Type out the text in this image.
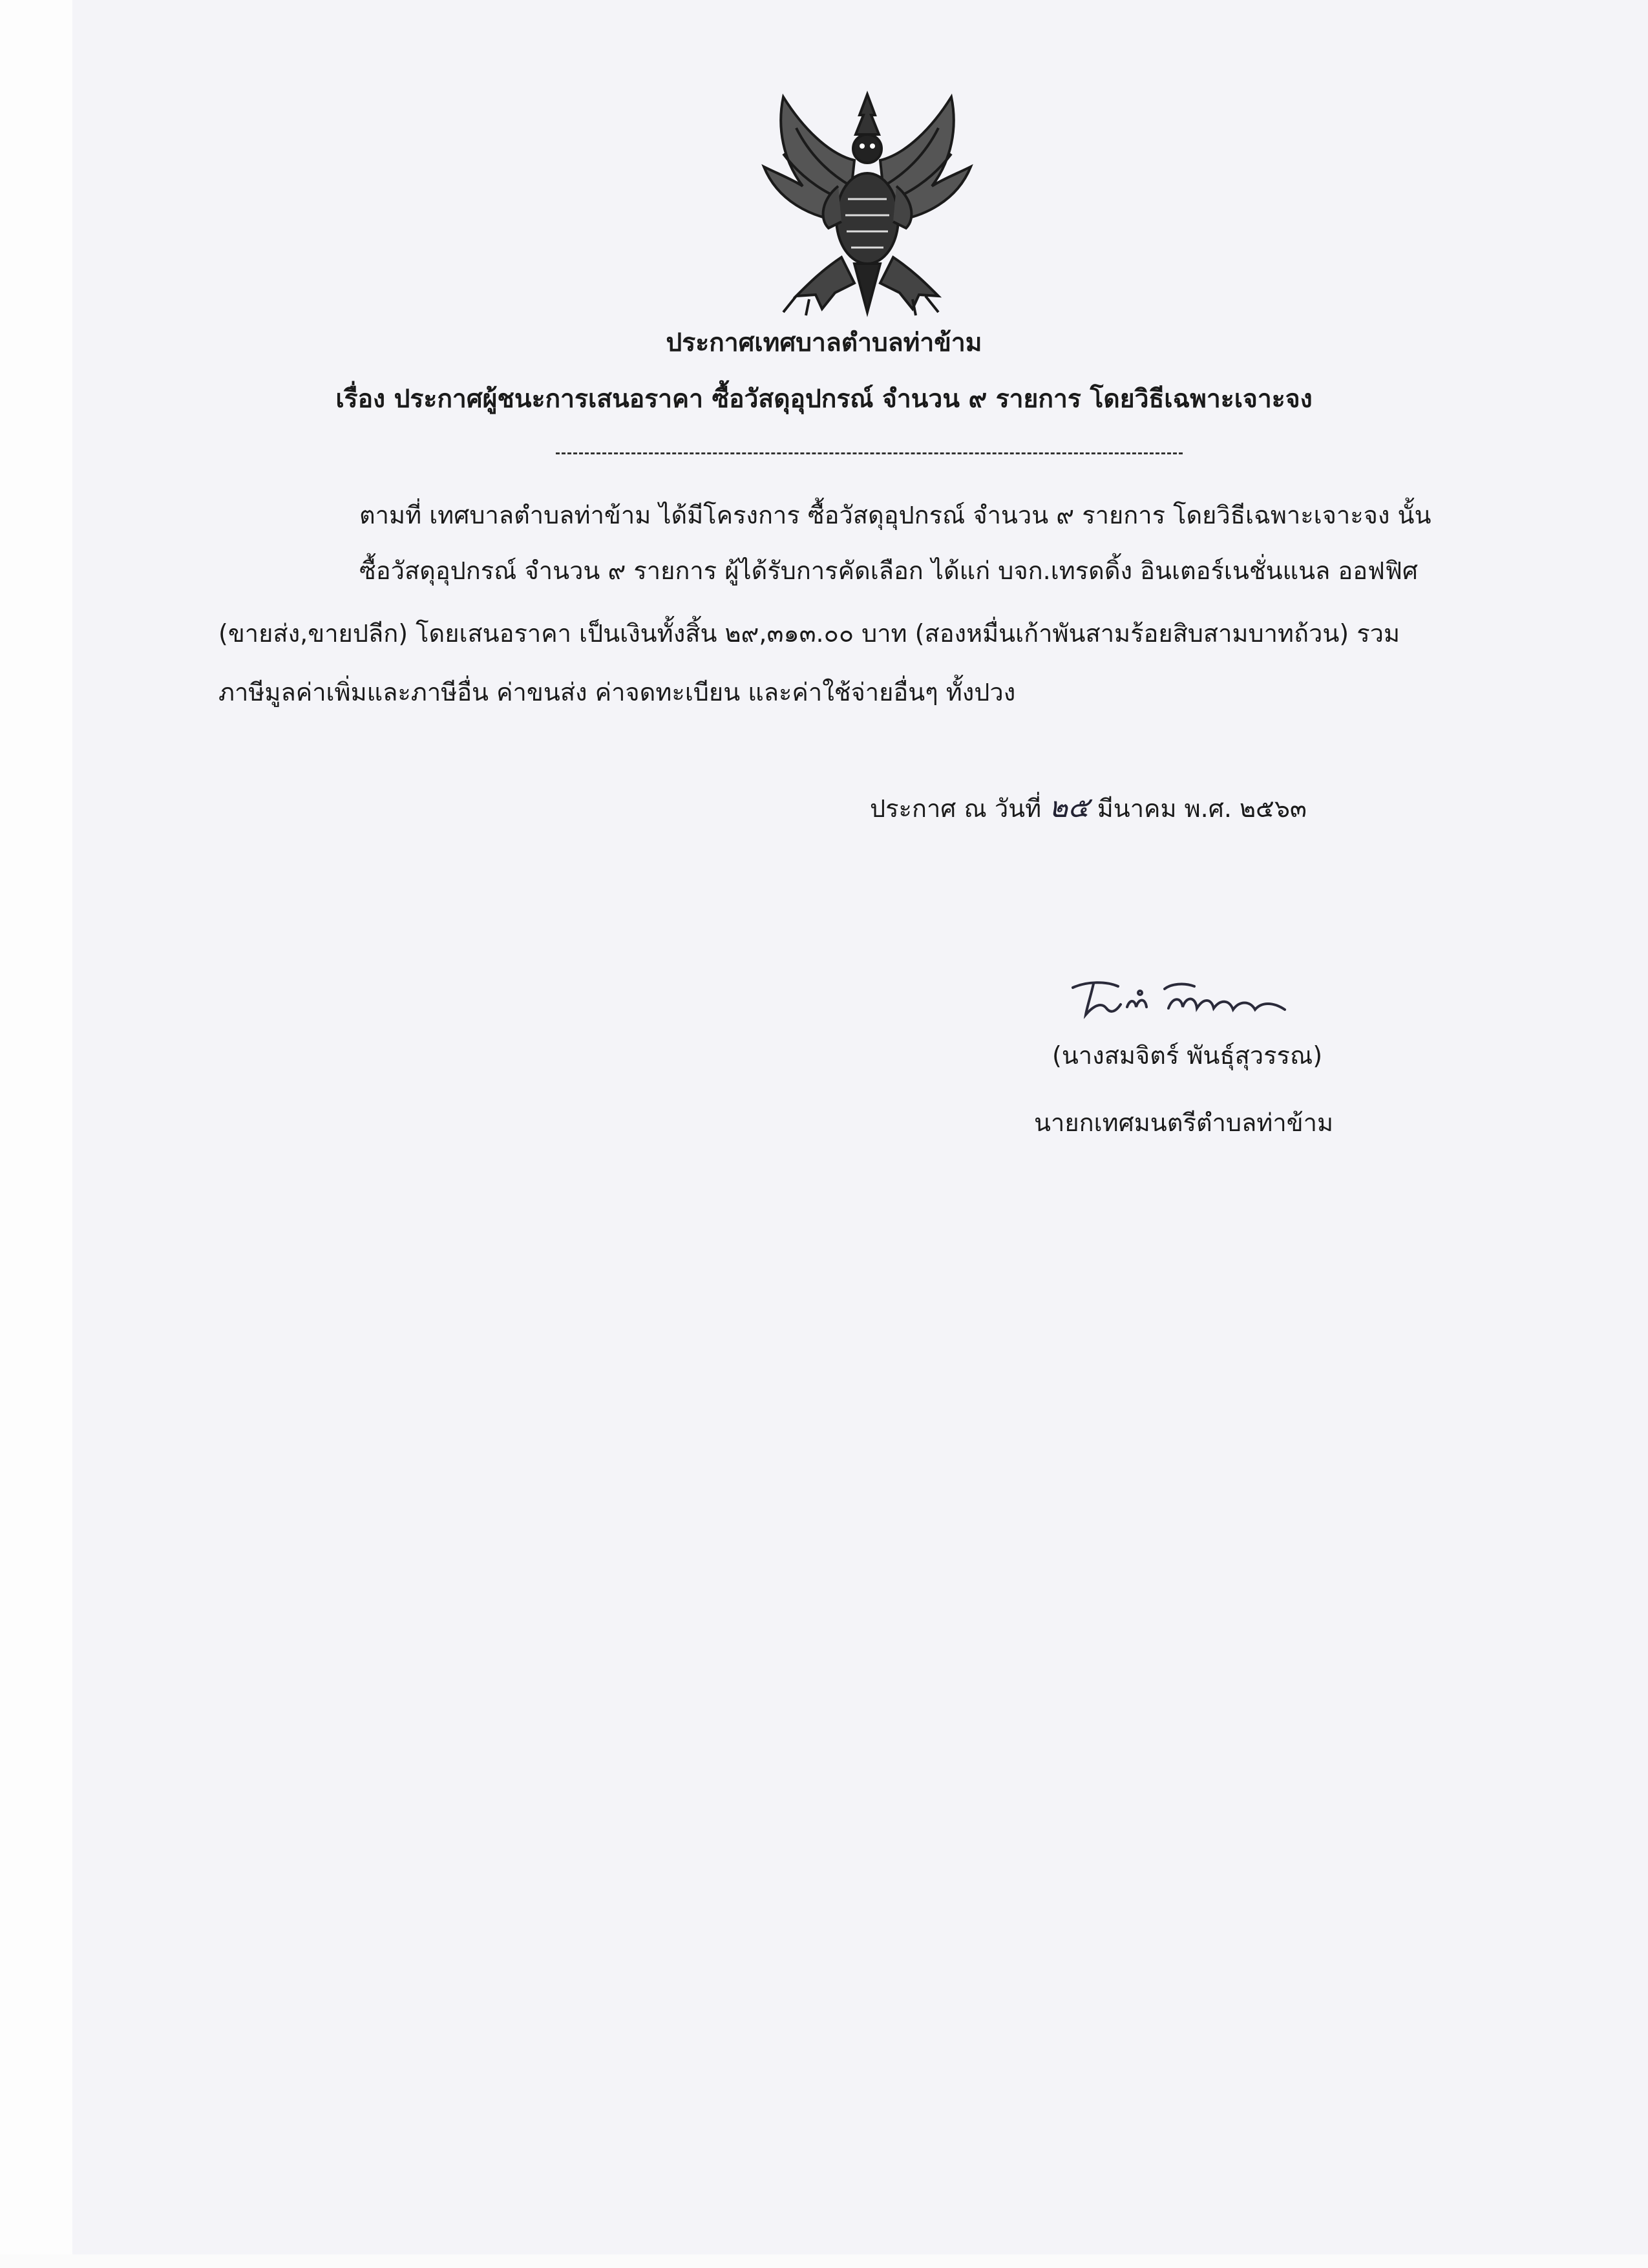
ประกาศเทศบาลตำบลท่าข้าม
เรื่อง ประกาศผู้ชนะการเสนอราคา ซื้อวัสดุอุปกรณ์ จำนวน ๙ รายการ โดยวิธีเฉพาะเจาะจง
ตามที่ เทศบาลตำบลท่าข้าม ได้มีโครงการ ซื้อวัสดุอุปกรณ์ จำนวน ๙ รายการ โดยวิธีเฉพาะเจาะจง นั้น
ซื้อวัสดุอุปกรณ์ จำนวน ๙ รายการ ผู้ได้รับการคัดเลือก ได้แก่ บจก.เทรดดิ้ง อินเตอร์เนชั่นแนล ออฟฟิศ
(ขายส่ง,ขายปลีก) โดยเสนอราคา เป็นเงินทั้งสิ้น ๒๙,๓๑๓.๐๐ บาท (สองหมื่นเก้าพันสามร้อยสิบสามบาทถ้วน) รวม
ภาษีมูลค่าเพิ่มและภาษีอื่น ค่าขนส่ง ค่าจดทะเบียน และค่าใช้จ่ายอื่นๆ ทั้งปวง
ประกาศ ณ วันที่ ๒๕ มีนาคม พ.ศ. ๒๕๖๓
(นางสมจิตร์ พันธุ์สุวรรณ)
นายกเทศมนตรีตำบลท่าข้าม
